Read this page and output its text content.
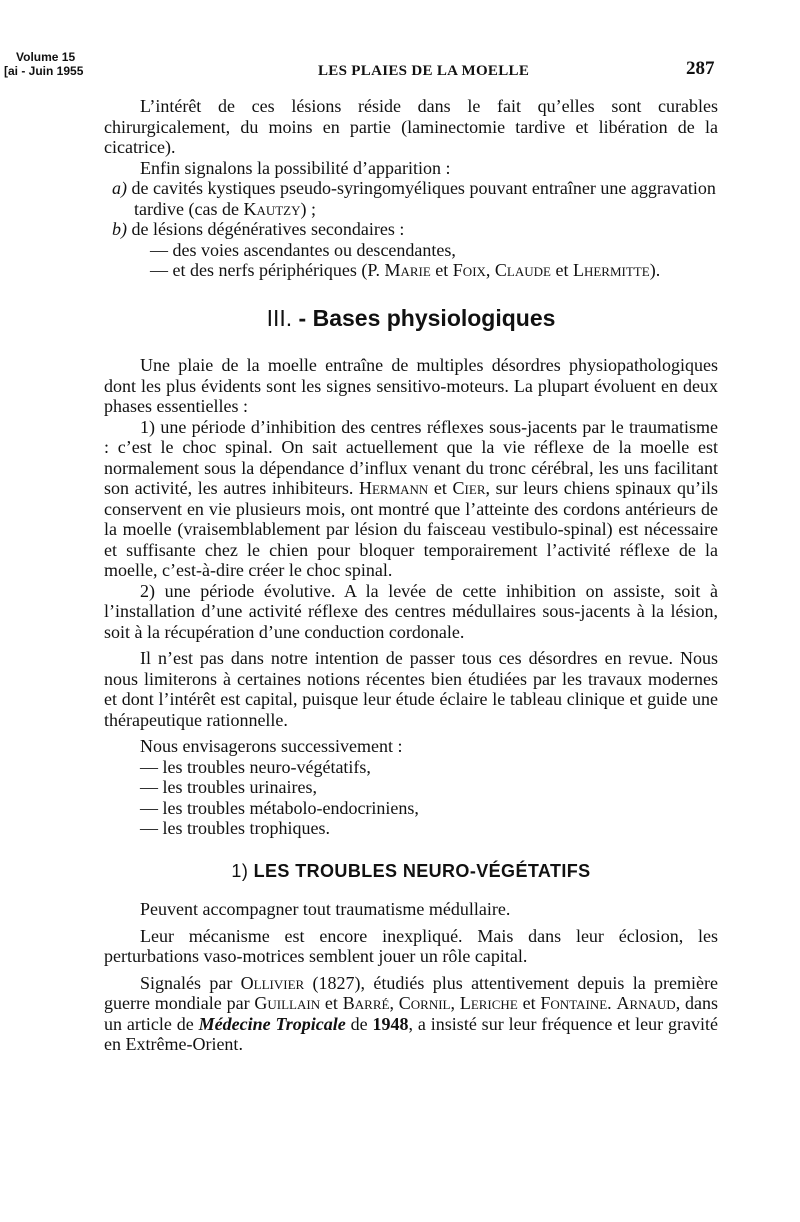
Volume 15
[ai - Juin 1955	LES PLAIES DE LA MOELLE	287

L’intérêt de ces lésions réside dans le fait qu’elles sont curables chirurgicalement, du moins en partie (laminectomie tardive et libération de la cicatrice).

Enfin signalons la possibilité d’apparition :

a) de cavités kystiques pseudo-syringomyéliques pouvant entraîner une aggravation tardive (cas de Kautzy) ;

b) de lésions dégénératives secondaires :

— des voies ascendantes ou descendantes,

— et des nerfs périphériques (P. Marie et Foix, Claude et Lhermitte).

III. - Bases physiologiques

Une plaie de la moelle entraîne de multiples désordres physiopathologiques dont les plus évidents sont les signes sensitivo-moteurs. La plupart évoluent en deux phases essentielles :

1) une période d’inhibition des centres réflexes sous-jacents par le traumatisme : c’est le choc spinal. On sait actuellement que la vie réflexe de la moelle est normalement sous la dépendance d’influx venant du tronc cérébral, les uns facilitant son activité, les autres inhibiteurs. Hermann et Cier, sur leurs chiens spinaux qu’ils conservent en vie plusieurs mois, ont montré que l’atteinte des cordons antérieurs de la moelle (vraisemblablement par lésion du faisceau vestibulo-spinal) est nécessaire et suffisante chez le chien pour bloquer temporairement l’activité réflexe de la moelle, c’est-à-dire créer le choc spinal.

2) une période évolutive. A la levée de cette inhibition on assiste, soit à l’installation d’une activité réflexe des centres médullaires sous-jacents à la lésion, soit à la récupération d’une conduction cordonale.

Il n’est pas dans notre intention de passer tous ces désordres en revue. Nous nous limiterons à certaines notions récentes bien étudiées par les travaux modernes et dont l’intérêt est capital, puisque leur étude éclaire le tableau clinique et guide une thérapeutique rationnelle.

Nous envisagerons successivement :

— les troubles neuro-végétatifs,

— les troubles urinaires,

— les troubles métabolo-endocriniens,

— les troubles trophiques.

1) LES TROUBLES NEURO-VÉGÉTATIFS

Peuvent accompagner tout traumatisme médullaire.

Leur mécanisme est encore inexpliqué. Mais dans leur éclosion, les perturbations vaso-motrices semblent jouer un rôle capital.

Signalés par Ollivier (1827), étudiés plus attentivement depuis la première guerre mondiale par Guillain et Barré, Cornil, Leriche et Fontaine. Arnaud, dans un article de Médecine Tropicale de 1948, a insisté sur leur fréquence et leur gravité en Extrême-Orient.
